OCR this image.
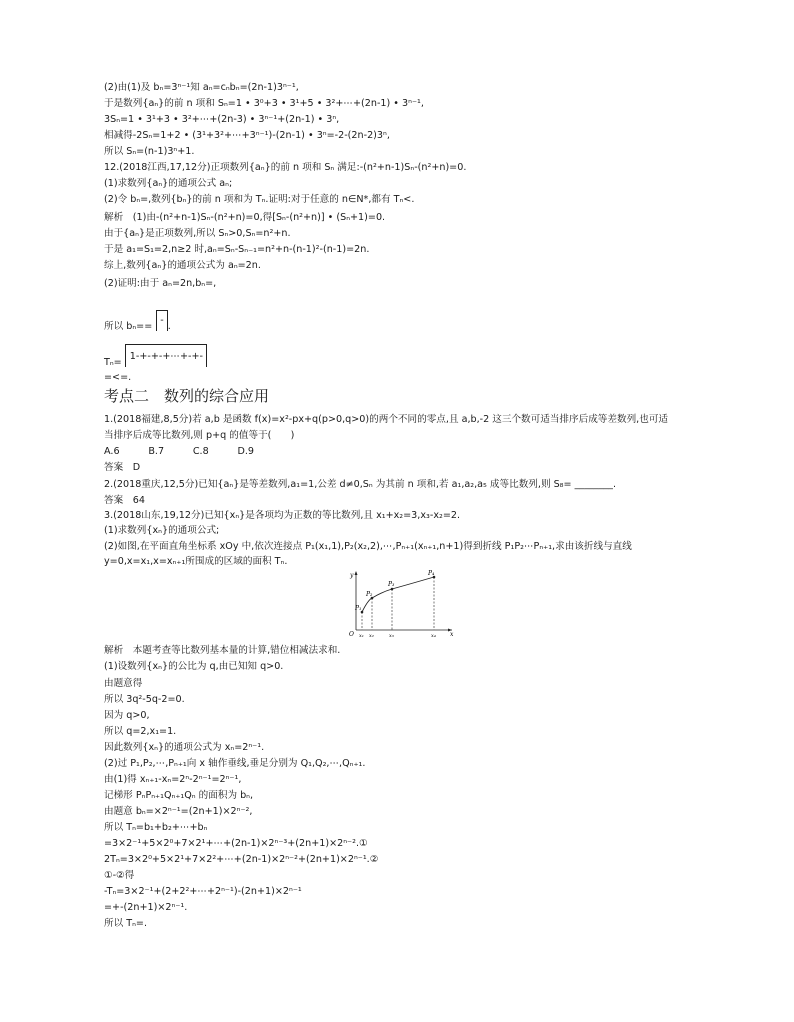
(2)由(1)及 bₙ=3ⁿ⁻¹知 aₙ=cₙbₙ=(2n-1)3ⁿ⁻¹,
于是数列{aₙ}的前 n 项和 Sₙ=1 • 3⁰+3 • 3¹+5 • 3²+⋯+(2n-1) • 3ⁿ⁻¹,
3Sₙ=1 • 3¹+3 • 3²+⋯+(2n-3) • 3ⁿ⁻¹+(2n-1) • 3ⁿ,
相减得-2Sₙ=1+2 • (3¹+3²+⋯+3ⁿ⁻¹)-(2n-1) • 3ⁿ=-2-(2n-2)3ⁿ,
所以 Sₙ=(n-1)3ⁿ+1.
12.(2018江西,17,12分)正项数列{aₙ}的前 n 项和 Sₙ 满足:-(n²+n-1)Sₙ-(n²+n)=0.
(1)求数列{aₙ}的通项公式 aₙ;
(2)令 bₙ=,数列{bₙ}的前 n 项和为 Tₙ.证明:对于任意的 n∈N*,都有 Tₙ<.
解析　(1)由-(n²+n-1)Sₙ-(n²+n)=0,得[Sₙ-(n²+n)] • (Sₙ+1)=0.
由于{aₙ}是正项数列,所以 Sₙ>0,Sₙ=n²+n.
于是 a₁=S₁=2,n≥2 时,aₙ=Sₙ-Sₙ₋₁=n²+n-(n-1)²-(n-1)=2n.
综上,数列{aₙ}的通项公式为 aₙ=2n.
(2)证明:由于 aₙ=2n,bₙ=,
所以 bₙ== -.
Tₙ= 1-+-+-+⋯+-+-
=<=.
考点二　数列的综合应用
1.(2018福建,8,5分)若 a,b 是函数 f(x)=x²-px+q(p>0,q>0)的两个不同的零点,且 a,b,-2 这三个数可适当排序后成等差数列,也可适
当排序后成等比数列,则 p+q 的值等于(　　)
A.6　　　B.7　　　C.8　　　D.9
答案　D
2.(2018重庆,12,5分)已知{aₙ}是等差数列,a₁=1,公差 d≠0,Sₙ 为其前 n 项和,若 a₁,a₂,a₅ 成等比数列,则 S₈= ________.
答案　64
3.(2018山东,19,12分)已知{xₙ}是各项均为正数的等比数列,且 x₁+x₂=3,x₃-x₂=2.
(1)求数列{xₙ}的通项公式;
(2)如图,在平面直角坐标系 xOy 中,依次连接点 P₁(x₁,1),P₂(x₂,2),⋯,Pₙ₊₁(xₙ₊₁,n+1)得到折线 P₁P₂⋯Pₙ₊₁,求由该折线与直线
y=0,x=x₁,x=xₙ₊₁所围成的区域的面积 Tₙ.
y
x
O
P₁
P₂
P₃
P₄
x₁ x₂	x₃	x₄
解析　本题考查等比数列基本量的计算,错位相减法求和.
(1)设数列{xₙ}的公比为 q,由已知知 q>0.
由题意得
所以 3q²-5q-2=0.
因为 q>0,
所以 q=2,x₁=1.
因此数列{xₙ}的通项公式为 xₙ=2ⁿ⁻¹.
(2)过 P₁,P₂,⋯,Pₙ₊₁向 x 轴作垂线,垂足分别为 Q₁,Q₂,⋯,Qₙ₊₁.
由(1)得 xₙ₊₁-xₙ=2ⁿ-2ⁿ⁻¹=2ⁿ⁻¹,
记梯形 PₙPₙ₊₁Qₙ₊₁Qₙ 的面积为 bₙ,
由题意 bₙ=×2ⁿ⁻¹=(2n+1)×2ⁿ⁻²,
所以 Tₙ=b₁+b₂+⋯+bₙ
=3×2⁻¹+5×2⁰+7×2¹+⋯+(2n-1)×2ⁿ⁻³+(2n+1)×2ⁿ⁻².①
2Tₙ=3×2⁰+5×2¹+7×2²+⋯+(2n-1)×2ⁿ⁻²+(2n+1)×2ⁿ⁻¹.②
①-②得
-Tₙ=3×2⁻¹+(2+2²+⋯+2ⁿ⁻¹)-(2n+1)×2ⁿ⁻¹
=+-(2n+1)×2ⁿ⁻¹.
所以 Tₙ=.
